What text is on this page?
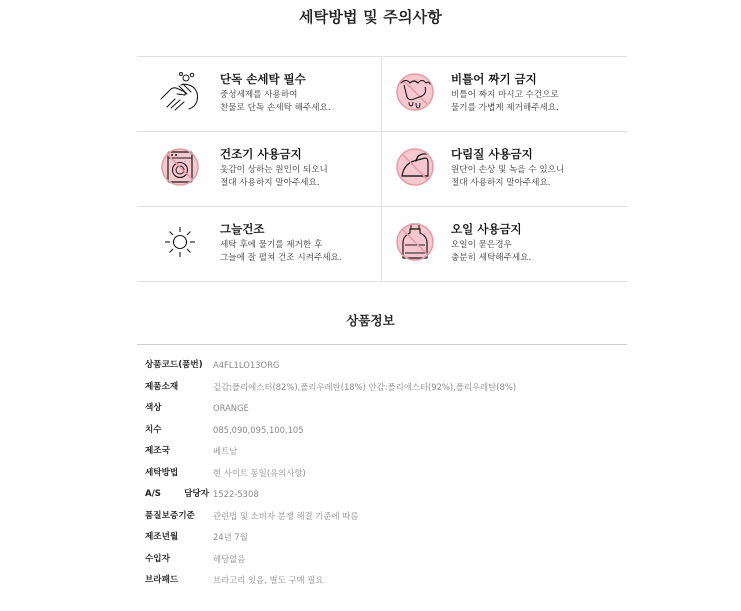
세탁방법 및 주의사항
단독 손세탁 필수
중성세제를 사용하여
찬물로 단독 손세탁 해주세요.
비틀어 짜기 금지
비틀어 짜지 마시고 수건으로
물기를 가볍게 제거해주세요.
건조기 사용금지
옷감이 상하는 원인이 되오니
절대 사용하지 말아주세요.
다림질 사용금지
원단이 손상 및 녹을 수 있으니
절대 사용하지 말아주세요.
그늘건조
세탁 후에 물기를 제거한 후
그늘에 잘 펼쳐 건조 시켜주세요.
오일 사용금지
오일이 묻은경우
충분히 세탁해주세요.
상품정보
상품코드(품번)	A4FL1LO13ORG
제품소재	겉감:폴리에스터(82%),폴리우레탄(18%) 안감:폴리에스터(92%),폴리우레탄(8%)
색상	ORANGE
치수	085,090,095,100,105
제조국	베트남
세탁방법	현 사이트 동일(유의사항)
A/S 담당자 1522-5308
품질보증기준	관련법 및 소비자 분쟁 해결 기준에 따름
제조년월	24년 7월
수입자	해당없음
브라패드	브라고리 있음, 별도 구매 필요
